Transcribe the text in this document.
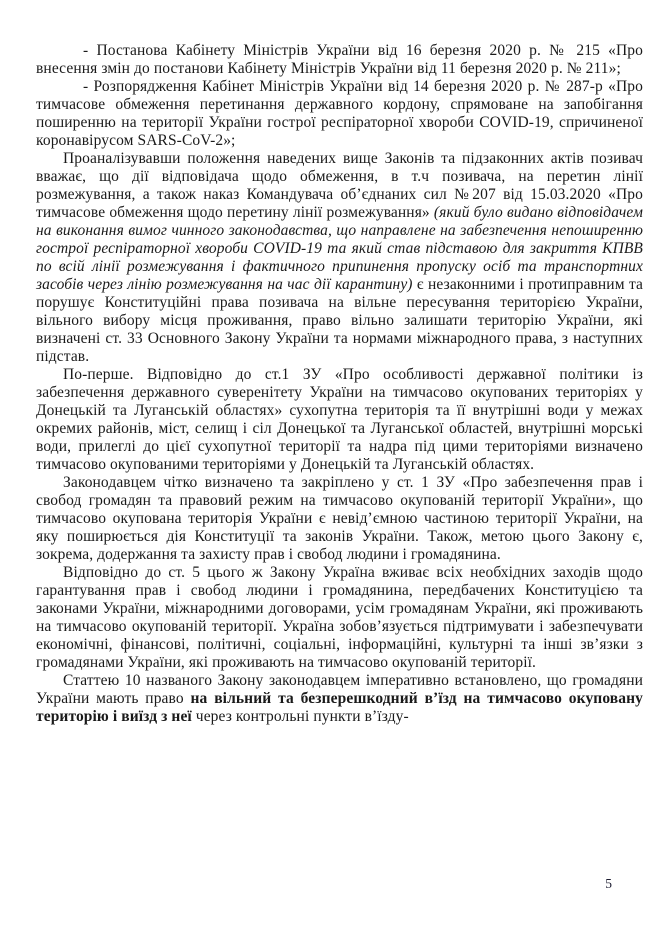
- Постанова Кабінету Міністрів України від 16 березня 2020 р. № 215 «Про внесення змін до постанови Кабінету Міністрів України від 11 березня 2020 р. № 211»;

- Розпорядження Кабінет Міністрів України від 14 березня 2020 р. № 287-р «Про тимчасове обмеження перетинання державного кордону, спрямоване на запобігання поширенню на території України гострої респіраторної хвороби COVID-19, спричиненої коронавірусом SARS-CoV-2»;

Проаналізувавши положення наведених вище Законів та підзаконних актів позивач вважає, що дії відповідача щодо обмеження, в т.ч позивача, на перетин лінії розмежування, а також наказ Командувача об’єднаних сил №207 від 15.03.2020 «Про тимчасове обмеження щодо перетину лінії розмежування» (який було видано відповідачем на виконання вимог чинного законодавства, що направлене на забезпечення непоширенню гострої респіраторної хвороби COVID-19 та який став підставою для закриття КПВВ по всій лінії розмежування і фактичного припинення пропуску осіб та транспортних засобів через лінію розмежування на час дії карантину) є незаконними і протиправним та порушує Конституційні права позивача на вільне пересування територією України, вільного вибору місця проживання, право вільно залишати територію України, які визначені ст. 33 Основного Закону України та нормами міжнародного права, з наступних підстав.

По-перше. Відповідно до ст.1 ЗУ «Про особливості державної політики із забезпечення державного суверенітету України на тимчасово окупованих територіях у Донецькій та Луганській областях» сухопутна територія та її внутрішні води у межах окремих районів, міст, селищ і сіл Донецької та Луганської областей, внутрішні морські води, прилеглі до цієї сухопутної території та надра під цими територіями визначено тимчасово окупованими територіями у Донецькій та Луганській областях.

Законодавцем чітко визначено та закріплено у ст. 1 ЗУ «Про забезпечення прав і свобод громадян та правовий режим на тимчасово окупованій території України», що тимчасово окупована територія України є невід’ємною частиною території України, на яку поширюється дія Конституції та законів України. Також, метою цього Закону є, зокрема, додержання та захисту прав і свобод людини і громадянина.

Відповідно до ст. 5 цього ж Закону Україна вживає всіх необхідних заходів щодо гарантування прав і свобод людини і громадянина, передбачених Конституцією та законами України, міжнародними договорами, усім громадянам України, які проживають на тимчасово окупованій території. Україна зобов’язується підтримувати і забезпечувати економічні, фінансові, політичні, соціальні, інформаційні, культурні та інші зв’язки з громадянами України, які проживають на тимчасово окупованій території.

Статтею 10 названого Закону законодавцем імперативно встановлено, що громадяни України мають право на вільний та безперешкодний в’їзд на тимчасово окуповану територію і виїзд з неї через контрольні пункти в’їзду-

5
